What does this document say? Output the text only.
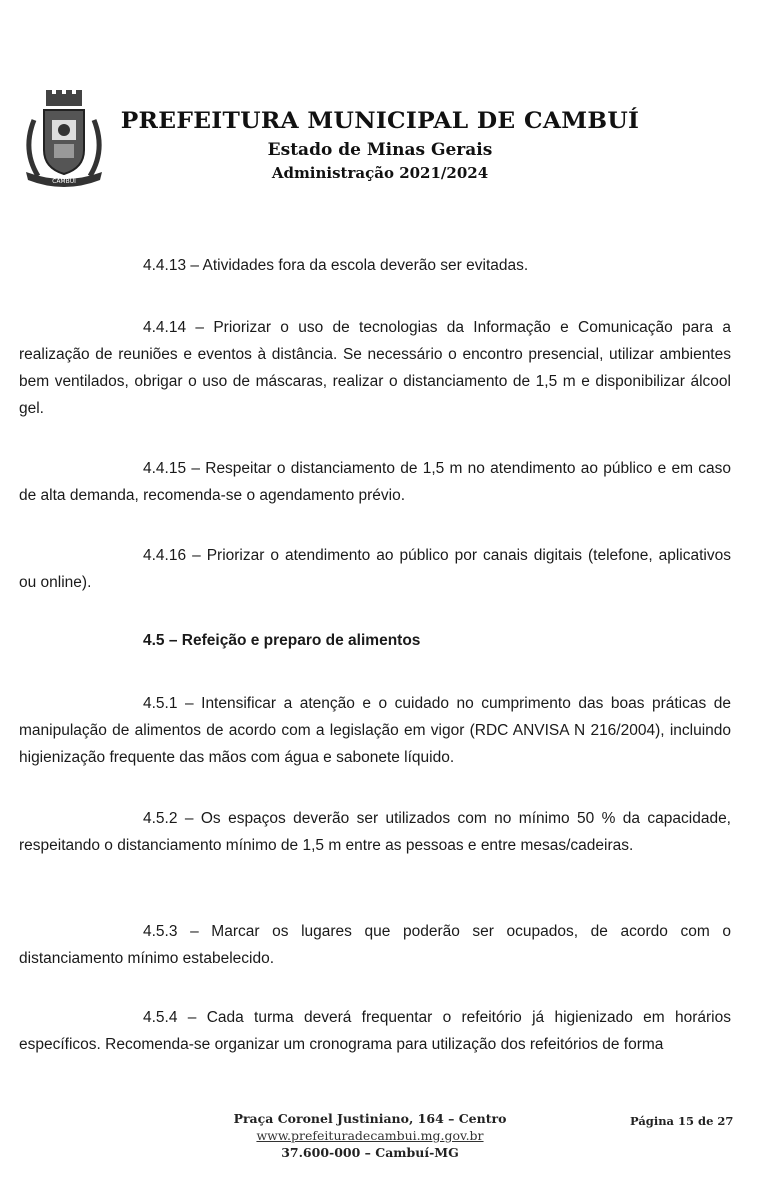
CAMBUÍ
PREFEITURA MUNICIPAL DE CAMBUÍ
Estado de Minas Gerais
Administração 2021/2024

4.4.13 – Atividades fora da escola deverão ser evitadas.

4.4.14 – Priorizar o uso de tecnologias da Informação e Comunicação para a realização de reuniões e eventos à distância. Se necessário o encontro presencial, utilizar ambientes bem ventilados, obrigar o uso de máscaras, realizar o distanciamento de 1,5 m e disponibilizar álcool gel.

4.4.15 – Respeitar o distanciamento de 1,5 m no atendimento ao público e em caso de alta demanda, recomenda-se o agendamento prévio.

4.4.16 – Priorizar o atendimento ao público por canais digitais (telefone, aplicativos ou online).

4.5 – Refeição e preparo de alimentos

4.5.1 – Intensificar a atenção e o cuidado no cumprimento das boas práticas de manipulação de alimentos de acordo com a legislação em vigor (RDC ANVISA N 216/2004), incluindo higienização frequente das mãos com água e sabonete líquido.

4.5.2 – Os espaços deverão ser utilizados com no mínimo 50 % da capacidade, respeitando o distanciamento mínimo de 1,5 m entre as pessoas e entre mesas/cadeiras.

4.5.3 – Marcar os lugares que poderão ser ocupados, de acordo com o distanciamento mínimo estabelecido.

4.5.4 – Cada turma deverá frequentar o refeitório já higienizado em horários específicos. Recomenda-se organizar um cronograma para utilização dos refeitórios de forma

Praça Coronel Justiniano, 164 – Centro
www.prefeituradecambui.mg.gov.br
37.600-000 – Cambuí-MG
Página 15 de 27
